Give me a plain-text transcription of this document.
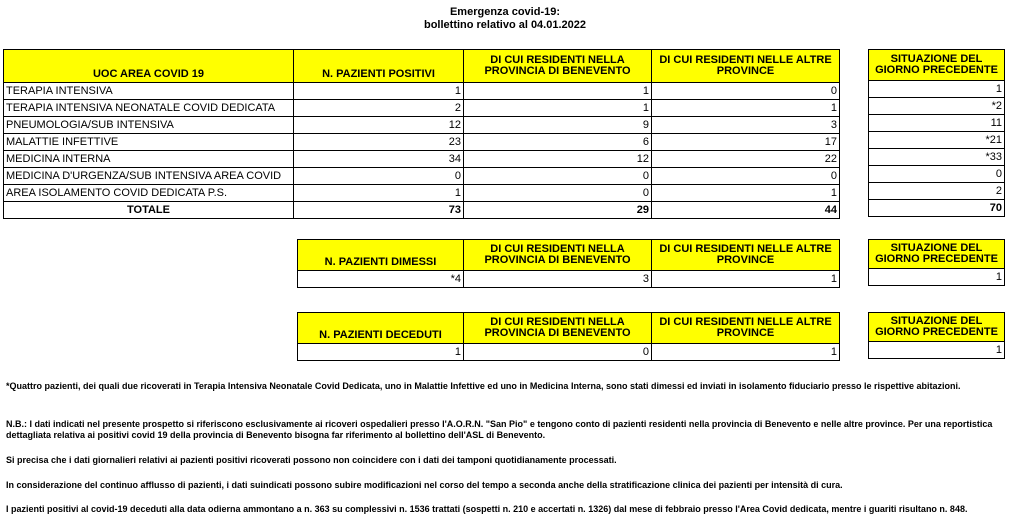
Emergenza covid-19:
bollettino relativo al 04.01.2022
UOC AREA COVID 19	N. PAZIENTI POSITIVI	DI CUI RESIDENTI NELLA PROVINCIA DI BENEVENTO	DI CUI RESIDENTI NELLE ALTRE PROVINCE
TERAPIA INTENSIVA	1	1	0
TERAPIA INTENSIVA NEONATALE COVID DEDICATA	2	1	1
PNEUMOLOGIA/SUB INTENSIVA	12	9	3
MALATTIE INFETTIVE	23	6	17
MEDICINA INTERNA	34	12	22
MEDICINA D'URGENZA/SUB INTENSIVA AREA COVID	0	0	0
AREA ISOLAMENTO COVID DEDICATA P.S.	1	0	1
TOTALE	73	29	44
SITUAZIONE DEL GIORNO PRECEDENTE
1
*2
11
*21
*33
0
2
70
N. PAZIENTI DIMESSI	DI CUI RESIDENTI NELLA PROVINCIA DI BENEVENTO	DI CUI RESIDENTI NELLE ALTRE PROVINCE
*4	3	1
SITUAZIONE DEL GIORNO PRECEDENTE
1
N. PAZIENTI DECEDUTI	DI CUI RESIDENTI NELLA PROVINCIA DI BENEVENTO	DI CUI RESIDENTI NELLE ALTRE PROVINCE
1	0	1
SITUAZIONE DEL GIORNO PRECEDENTE
1
*Quattro pazienti, dei quali due ricoverati in Terapia Intensiva Neonatale Covid Dedicata, uno in Malattie Infettive ed uno in Medicina Interna, sono stati dimessi ed inviati in isolamento fiduciario presso le rispettive abitazioni.
N.B.: I dati indicati nel presente prospetto si riferiscono esclusivamente ai ricoveri ospedalieri presso l'A.O.R.N. "San Pio" e tengono conto di pazienti residenti nella provincia di Benevento e nelle altre province. Per una reportistica dettagliata relativa ai positivi covid 19 della provincia di Benevento bisogna far riferimento al bollettino dell'ASL di Benevento.
Si precisa che i dati giornalieri relativi ai pazienti positivi ricoverati possono non coincidere con i dati dei tamponi quotidianamente processati.
In considerazione del continuo afflusso di pazienti, i dati suindicati possono subire modificazioni nel corso del tempo a seconda anche della stratificazione clinica dei pazienti per intensità di cura.
I pazienti positivi al covid-19 deceduti alla data odierna ammontano a n. 363 su complessivi n. 1536 trattati (sospetti n. 210 e accertati n. 1326) dal mese di febbraio presso l'Area Covid dedicata, mentre i guariti risultano n. 848.
